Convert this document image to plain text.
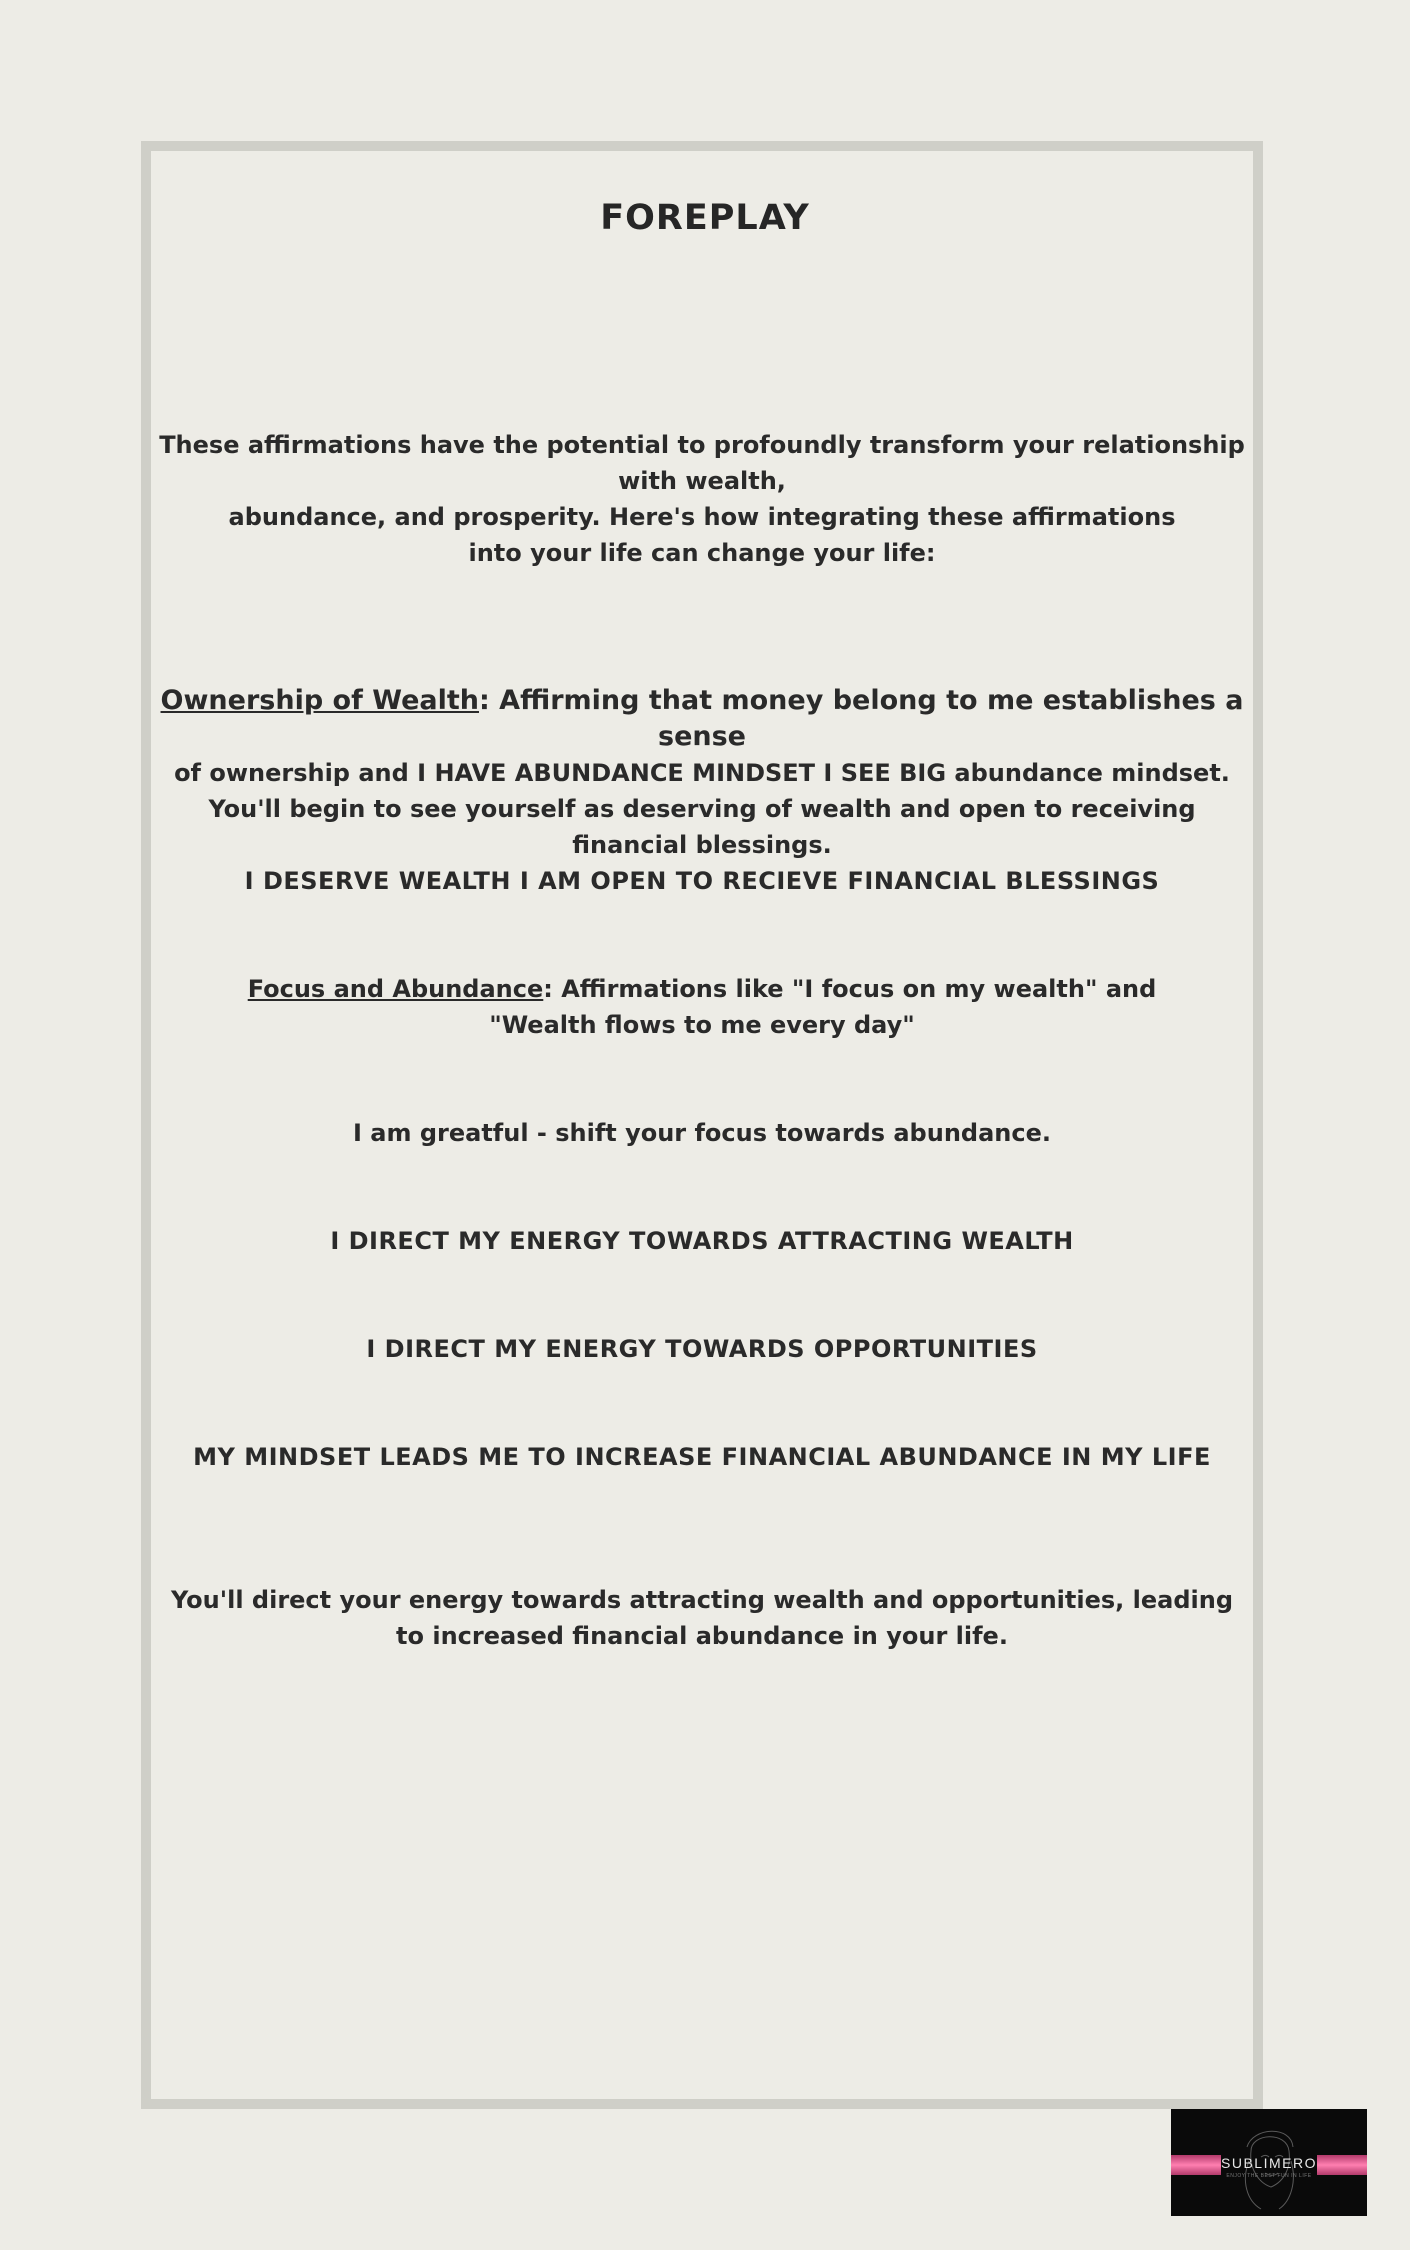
FOREPLAY

These affirmations have the potential to profoundly transform your relationship

with wealth,

abundance, and prosperity. Here's how integrating these affirmations

into your life can change your life:

Ownership of Wealth: Affirming that money belong to me establishes a sense

of ownership and I HAVE ABUNDANCE MINDSET I SEE BIG abundance mindset.

You'll begin to see yourself as deserving of wealth and open to receiving financial blessings.

I DESERVE WEALTH I AM OPEN TO RECIEVE FINANCIAL BLESSINGS

Focus and Abundance: Affirmations like "I focus on my wealth" and

"Wealth flows to me every day"

I am greatful - shift your focus towards abundance.
I DIRECT MY ENERGY TOWARDS ATTRACTING WEALTH
I DIRECT MY ENERGY TOWARDS OPPORTUNITIES
MY MINDSET LEADS ME TO INCREASE FINANCIAL ABUNDANCE IN MY LIFE

You'll direct your energy towards attracting wealth and opportunities, leading

to increased financial abundance in your life.

SUBLIMERO
ENJOY THE BEST FUN IN LIFE
